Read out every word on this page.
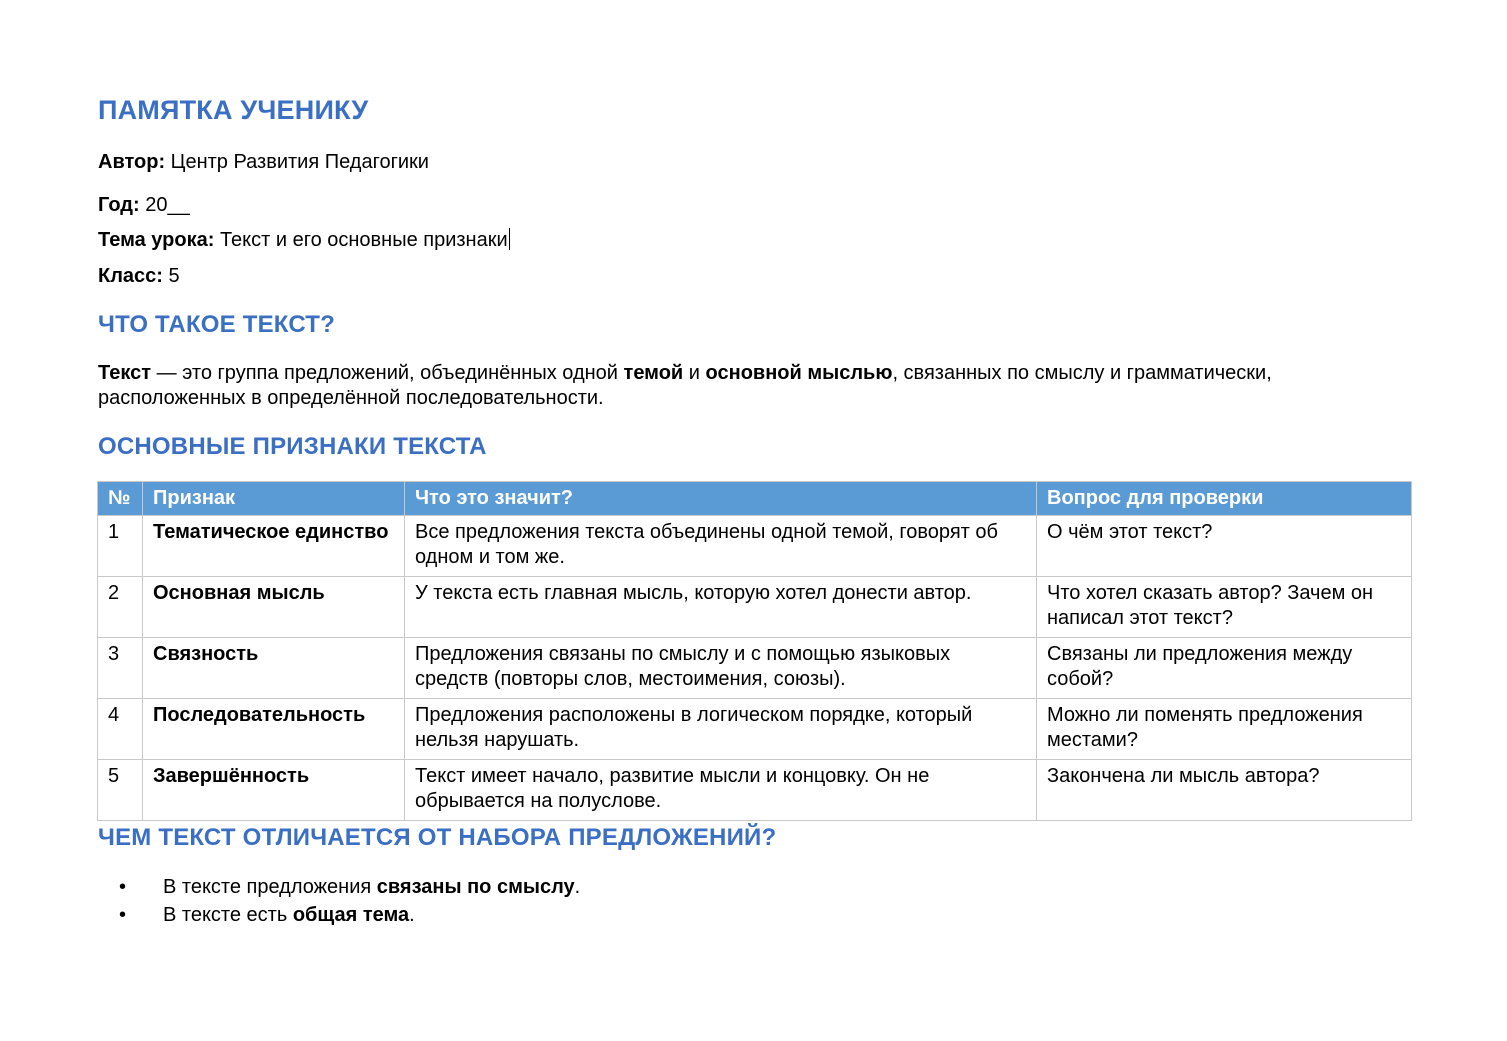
ПАМЯТКА УЧЕНИКУ

Автор: Центр Развития Педагогики

Год: 20__

Тема урока: Текст и его основные признаки

Класс: 5

ЧТО ТАКОЕ ТЕКСТ?

Текст — это группа предложений, объединённых одной темой и основной мыслью, связанных по смыслу и грамматически, расположенных в определённой последовательности.

ОСНОВНЫЕ ПРИЗНАКИ ТЕКСТА
№	Признак	Что это значит?	Вопрос для проверки
1	Тематическое единство	Все предложения текста объединены одной темой, говорят об одном и том же.	О чём этот текст?
2	Основная мысль	У текста есть главная мысль, которую хотел донести автор.	Что хотел сказать автор? Зачем он написал этот текст?
3	Связность	Предложения связаны по смыслу и с помощью языковых средств (повторы слов, местоимения, союзы).	Связаны ли предложения между собой?
4	Последовательность	Предложения расположены в логическом порядке, который нельзя нарушать.	Можно ли поменять предложения местами?
5	Завершённость	Текст имеет начало, развитие мысли и концовку. Он не обрывается на полуслове.	Закончена ли мысль автора?
ЧЕМ ТЕКСТ ОТЛИЧАЕТСЯ ОТ НАБОРА ПРЕДЛОЖЕНИЙ?
• В тексте предложения связаны по смыслу.
• В тексте есть общая тема.
